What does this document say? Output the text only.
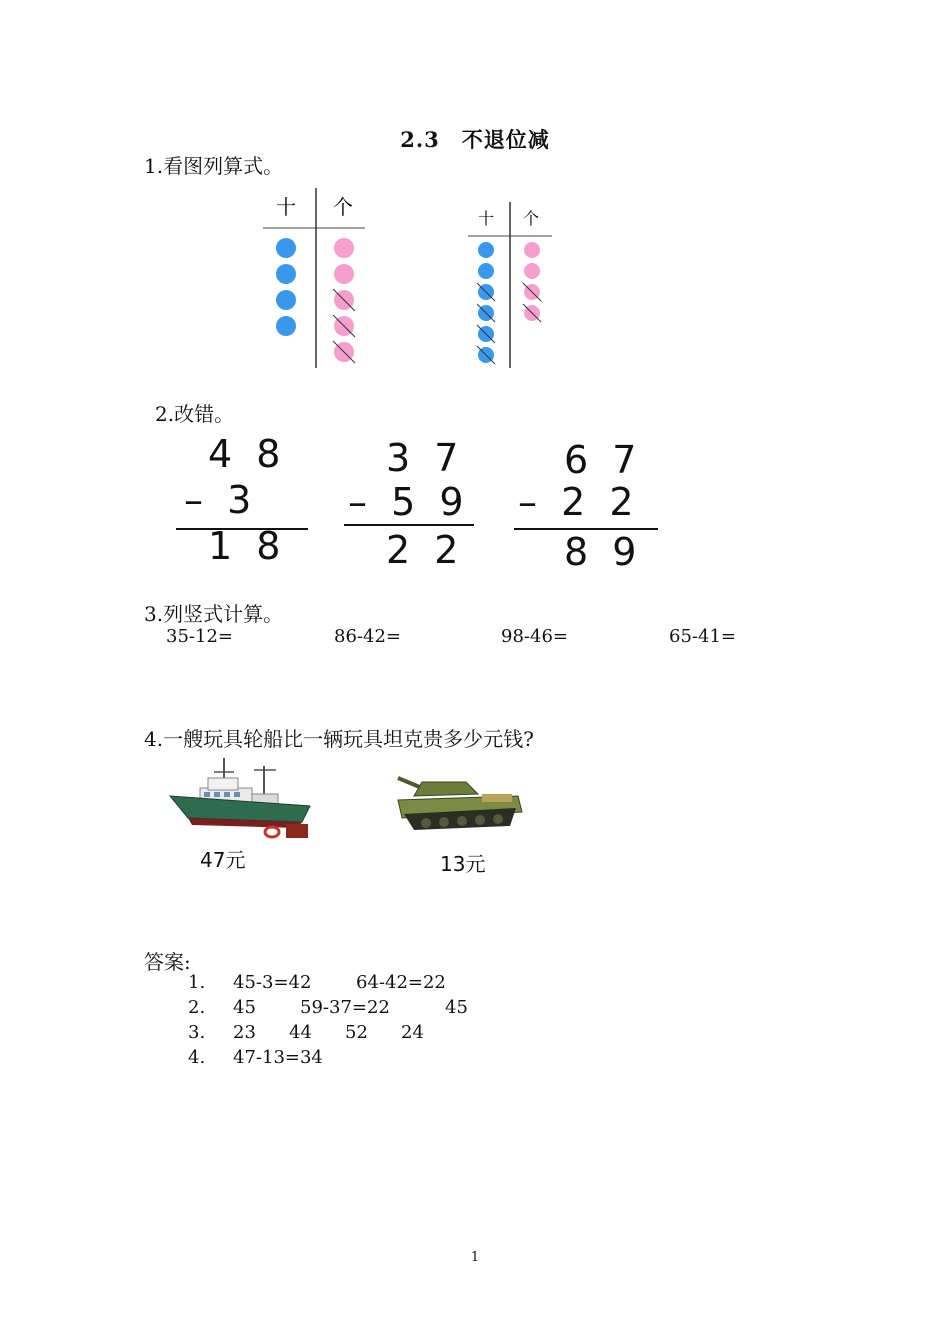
2.3　不退位减
1.看图列算式。
十 个	十 个
2.改错。
4 8
– 3
1 8
3 7
– 5 9
2 2
6 7
– 2 2
8 9
3.列竖式计算。
35-12=	86-42=	98-46=	65-41=
4.一艘玩具轮船比一辆玩具坦克贵多少元钱?
47元	13元
答案:
1. 45-3=42 64-42=22
2. 45 59-37=22	45
3. 23 44 52 24
4. 47-13=34
1
